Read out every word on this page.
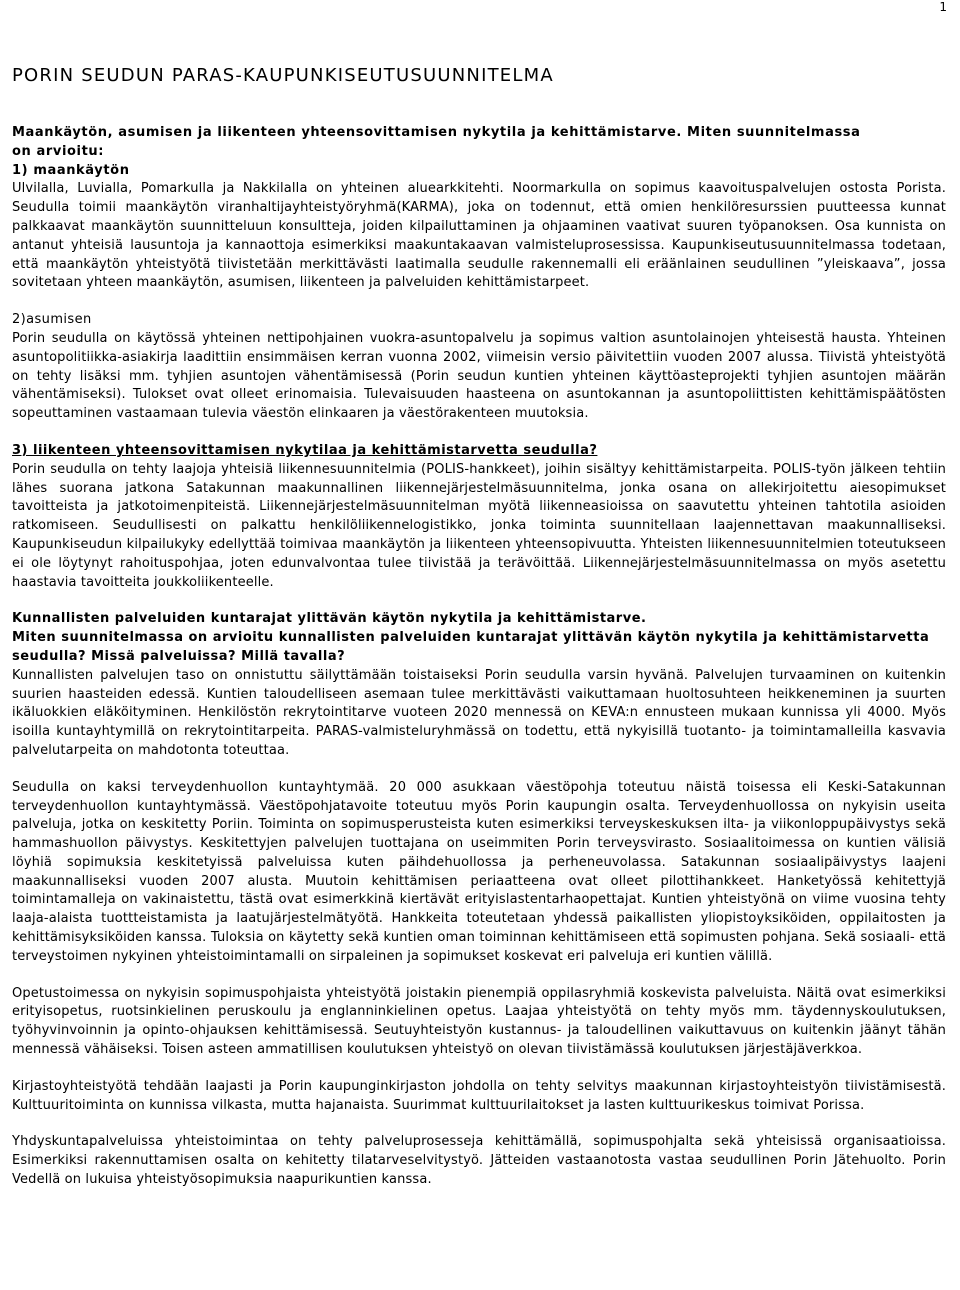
1
PORIN SEUDUN PARAS-KAUPUNKISEUTUSUUNNITELMA
Maankäytön, asumisen ja liikenteen yhteensovittamisen nykytila ja kehittämistarve. Miten suunnitelmassa
on arvioitu:
1) maankäytön

Ulvilalla, Luvialla, Pomarkulla ja Nakkilalla on yhteinen aluearkkitehti. Noormarkulla on sopimus kaavoituspalvelujen ostosta Porista. Seudulla toimii maankäytön viranhaltijayhteistyöryhmä(KARMA), joka on todennut, että omien henkilöresurssien puutteessa kunnat palkkaavat maankäytön suunnitteluun konsultteja, joiden kilpailuttaminen ja ohjaaminen vaativat suuren työpanoksen. Osa kunnista on antanut yhteisiä lausuntoja ja kannaottoja esimerkiksi maakuntakaavan valmisteluprosessissa. Kaupunkiseutusuunnitelmassa todetaan, että maankäytön yhteistyötä tiivistetään merkittävästi laatimalla seudulle rakennemalli eli eräänlainen seudullinen ”yleiskaava”, jossa sovitetaan yhteen maankäytön, asumisen, liikenteen ja palveluiden kehittämistarpeet.

2)asumisen

Porin seudulla on käytössä yhteinen nettipohjainen vuokra-asuntopalvelu ja sopimus valtion asuntolainojen yhteisestä hausta. Yhteinen asuntopolitiikka-asiakirja laadittiin ensimmäisen kerran vuonna 2002, viimeisin versio päivitettiin vuoden 2007 alussa. Tiivistä yhteistyötä on tehty lisäksi mm. tyhjien asuntojen vähentämisessä (Porin seudun kuntien yhteinen käyttöasteprojekti tyhjien asuntojen määrän vähentämiseksi). Tulokset ovat olleet erinomaisia. Tulevaisuuden haasteena on asuntokannan ja asuntopoliittisten kehittämispäätösten sopeuttaminen vastaamaan tulevia väestön elinkaaren ja väestörakenteen muutoksia.

3) liikenteen yhteensovittamisen nykytilaa ja kehittämistarvetta seudulla?

Porin seudulla on tehty laajoja yhteisiä liikennesuunnitelmia (POLIS-hankkeet), joihin sisältyy kehittämistarpeita. POLIS-työn jälkeen tehtiin lähes suorana jatkona Satakunnan maakunnallinen liikennejärjestelmäsuunnitelma, jonka osana on allekirjoitettu aiesopimukset tavoitteista ja jatkotoimenpiteistä. Liikennejärjestelmäsuunnitelman myötä liikenneasioissa on saavutettu yhteinen tahtotila asioiden ratkomiseen. Seudullisesti on palkattu henkilöliikennelogistikko, jonka toiminta suunnitellaan laajennettavan maakunnalliseksi. Kaupunkiseudun kilpailukyky edellyttää toimivaa maankäytön ja liikenteen yhteensopivuutta. Yhteisten liikennesuunnitelmien toteutukseen ei ole löytynyt rahoituspohjaa, joten edunvalvontaa tulee tiivistää ja terävöittää. Liikennejärjestelmäsuunnitelmassa on myös asetettu haastavia tavoitteita joukkoliikenteelle.

Kunnallisten palveluiden kuntarajat ylittävän käytön nykytila ja kehittämistarve.
Miten suunnitelmassa on arvioitu kunnallisten palveluiden kuntarajat ylittävän käytön nykytila ja kehittämistarvetta seudulla? Missä palveluissa? Millä tavalla?

Kunnallisten palvelujen taso on onnistuttu säilyttämään toistaiseksi Porin seudulla varsin hyvänä. Palvelujen turvaaminen on kuitenkin suurien haasteiden edessä. Kuntien taloudelliseen asemaan tulee merkittävästi vaikuttamaan huoltosuhteen heikkeneminen ja suurten ikäluokkien eläköityminen. Henkilöstön rekrytointitarve vuoteen 2020 mennessä on KEVA:n ennusteen mukaan kunnissa yli 4000. Myös isoilla kuntayhtymillä on rekrytointitarpeita. PARAS-valmisteluryhmässä on todettu, että nykyisillä tuotanto- ja toimintamalleilla kasvavia palvelutarpeita on mahdotonta toteuttaa.

Seudulla on kaksi terveydenhuollon kuntayhtymää. 20 000 asukkaan väestöpohja toteutuu näistä toisessa eli Keski-Satakunnan terveydenhuollon kuntayhtymässä. Väestöpohjatavoite toteutuu myös Porin kaupungin osalta. Terveydenhuollossa on nykyisin useita palveluja, jotka on keskitetty Poriin. Toiminta on sopimusperusteista kuten esimerkiksi terveyskeskuksen ilta- ja viikonloppupäivystys sekä hammashuollon päivystys. Keskitettyjen palvelujen tuottajana on useimmiten Porin terveysvirasto. Sosiaalitoimessa on kuntien välisiä löyhiä sopimuksia keskitetyissä palveluissa kuten päihdehuollossa ja perheneuvolassa. Satakunnan sosiaalipäivystys laajeni maakunnalliseksi vuoden 2007 alusta. Muutoin kehittämisen periaatteena ovat olleet pilottihankkeet. Hanketyössä kehitettyjä toimintamalleja on vakinaistettu, tästä ovat esimerkkinä kiertävät erityislastentarhaopettajat. Kuntien yhteistyönä on viime vuosina tehty laaja-alaista tuottteistamista ja laatujärjestelmätyötä. Hankkeita toteutetaan yhdessä paikallisten yliopistoyksiköiden, oppilaitosten ja kehittämisyksiköiden kanssa. Tuloksia on käytetty sekä kuntien oman toiminnan kehittämiseen että sopimusten pohjana. Sekä sosiaali- että terveystoimen nykyinen yhteistoimintamalli on sirpaleinen ja sopimukset koskevat eri palveluja eri kuntien välillä.

Opetustoimessa on nykyisin sopimuspohjaista yhteistyötä joistakin pienempiä oppilasryhmiä koskevista palveluista. Näitä ovat esimerkiksi erityisopetus, ruotsinkielinen peruskoulu ja englanninkielinen opetus. Laajaa yhteistyötä on tehty myös mm. täydennyskoulutuksen, työhyvinvoinnin ja opinto-ohjauksen kehittämisessä. Seutuyhteistyön kustannus- ja taloudellinen vaikuttavuus on kuitenkin jäänyt tähän mennessä vähäiseksi. Toisen asteen ammatillisen koulutuksen yhteistyö on olevan tiivistämässä koulutuksen järjestäjäverkkoa.

Kirjastoyhteistyötä tehdään laajasti ja Porin kaupunginkirjaston johdolla on tehty selvitys maakunnan kirjastoyhteistyön tiivistämisestä. Kulttuuritoiminta on kunnissa vilkasta, mutta hajanaista. Suurimmat kulttuurilaitokset ja lasten kulttuurikeskus toimivat Porissa.

Yhdyskuntapalveluissa yhteistoimintaa on tehty palveluprosesseja kehittämällä, sopimuspohjalta sekä yhteisissä organisaatioissa. Esimerkiksi rakennuttamisen osalta on kehitetty tilatarveselvitystyö. Jätteiden vastaanotosta vastaa seudullinen Porin Jätehuolto. Porin Vedellä on lukuisa yhteistyösopimuksia naapurikuntien kanssa.
